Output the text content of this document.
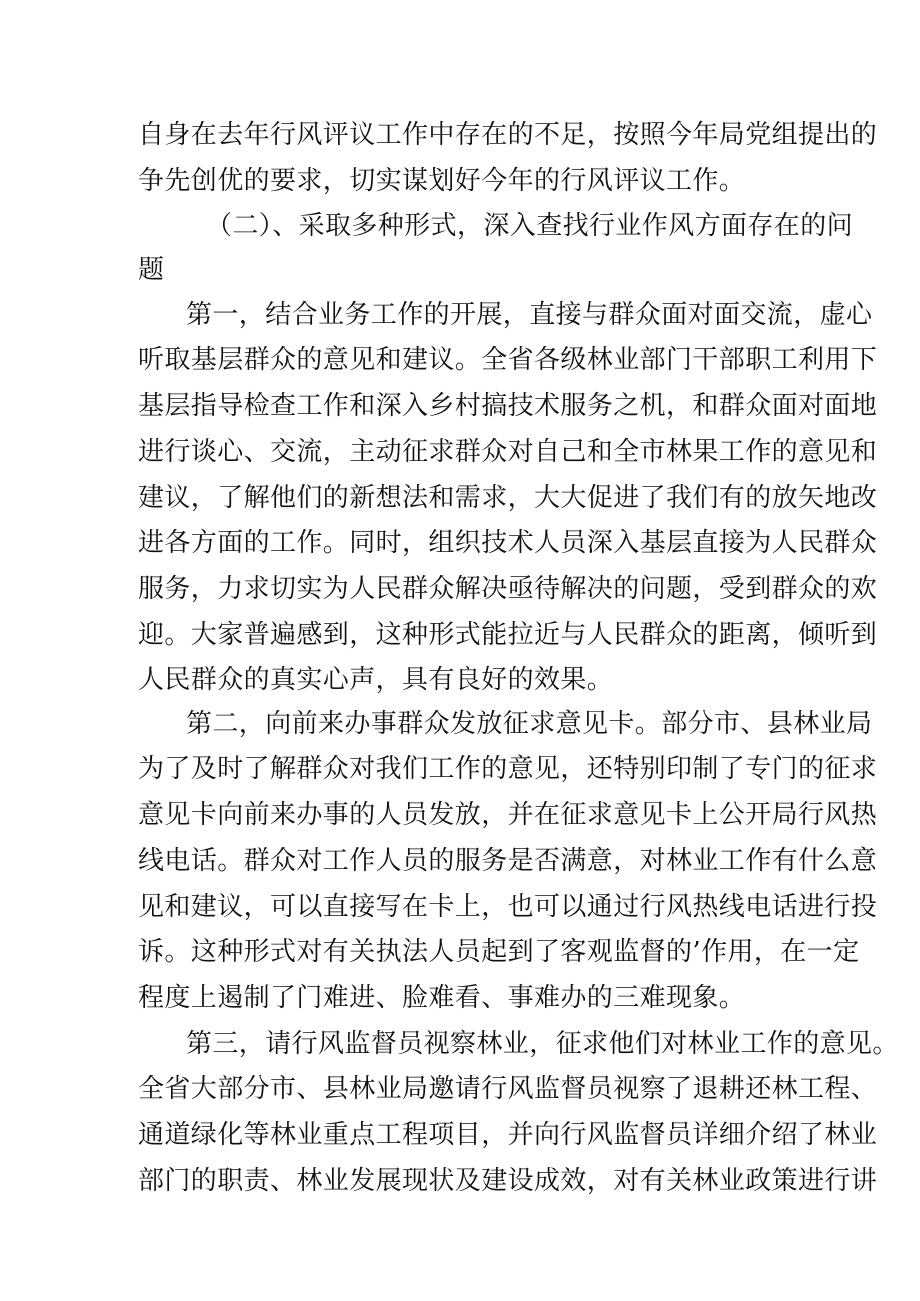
自身在去年行风评议工作中存在的不足，按照今年局党组提出的
争先创优的要求，切实谋划好今年的行风评议工作。
（二）、采取多种形式，深入查找行业作风方面存在的问
题
第一，结合业务工作的开展，直接与群众面对面交流，虚心
听取基层群众的意见和建议。全省各级林业部门干部职工利用下
基层指导检查工作和深入乡村搞技术服务之机，和群众面对面地
进行谈心、交流，主动征求群众对自己和全市林果工作的意见和
建议，了解他们的新想法和需求，大大促进了我们有的放矢地改
进各方面的工作。同时，组织技术人员深入基层直接为人民群众
服务，力求切实为人民群众解决亟待解决的问题，受到群众的欢
迎。大家普遍感到，这种形式能拉近与人民群众的距离，倾听到
人民群众的真实心声，具有良好的效果。
第二，向前来办事群众发放征求意见卡。部分市、县林业局
为了及时了解群众对我们工作的意见，还特别印制了专门的征求
意见卡向前来办事的人员发放，并在征求意见卡上公开局行风热
线电话。群众对工作人员的服务是否满意，对林业工作有什么意
见和建议，可以直接写在卡上，也可以通过行风热线电话进行投
诉。这种形式对有关执法人员起到了客观监督的’作用，在一定
程度上遏制了门难进、脸难看、事难办的三难现象。
第三，请行风监督员视察林业，征求他们对林业工作的意见。
全省大部分市、县林业局邀请行风监督员视察了退耕还林工程、
通道绿化等林业重点工程项目，并向行风监督员详细介绍了林业
部门的职责、林业发展现状及建设成效，对有关林业政策进行讲
